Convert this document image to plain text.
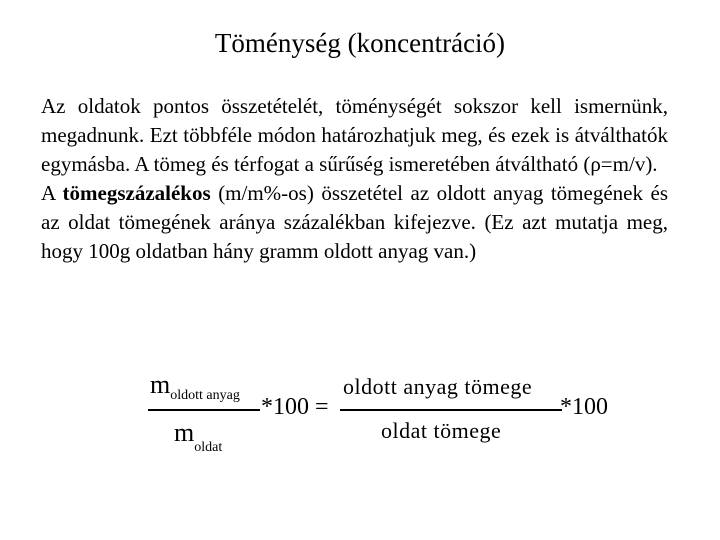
Töménység (koncentráció)

Az oldatok pontos összetételét, töménységét sokszor kell ismernünk, megadnunk. Ezt többféle módon határozhatjuk meg, és ezek is átválthatók egymásba. A tömeg és térfogat a sűrűség ismeretében átváltható (ρ=m/v).

A tömegszázalékos (m/m%-os) összetétel az oldott anyag tömegének és az oldat tömegének aránya százalékban kifejezve. (Ez azt mutatja meg, hogy 100g oldatban hány gramm oldott anyag van.)

moldott anyag
moldat
*100 =
oldott anyag tömege
oldat tömege
*100
